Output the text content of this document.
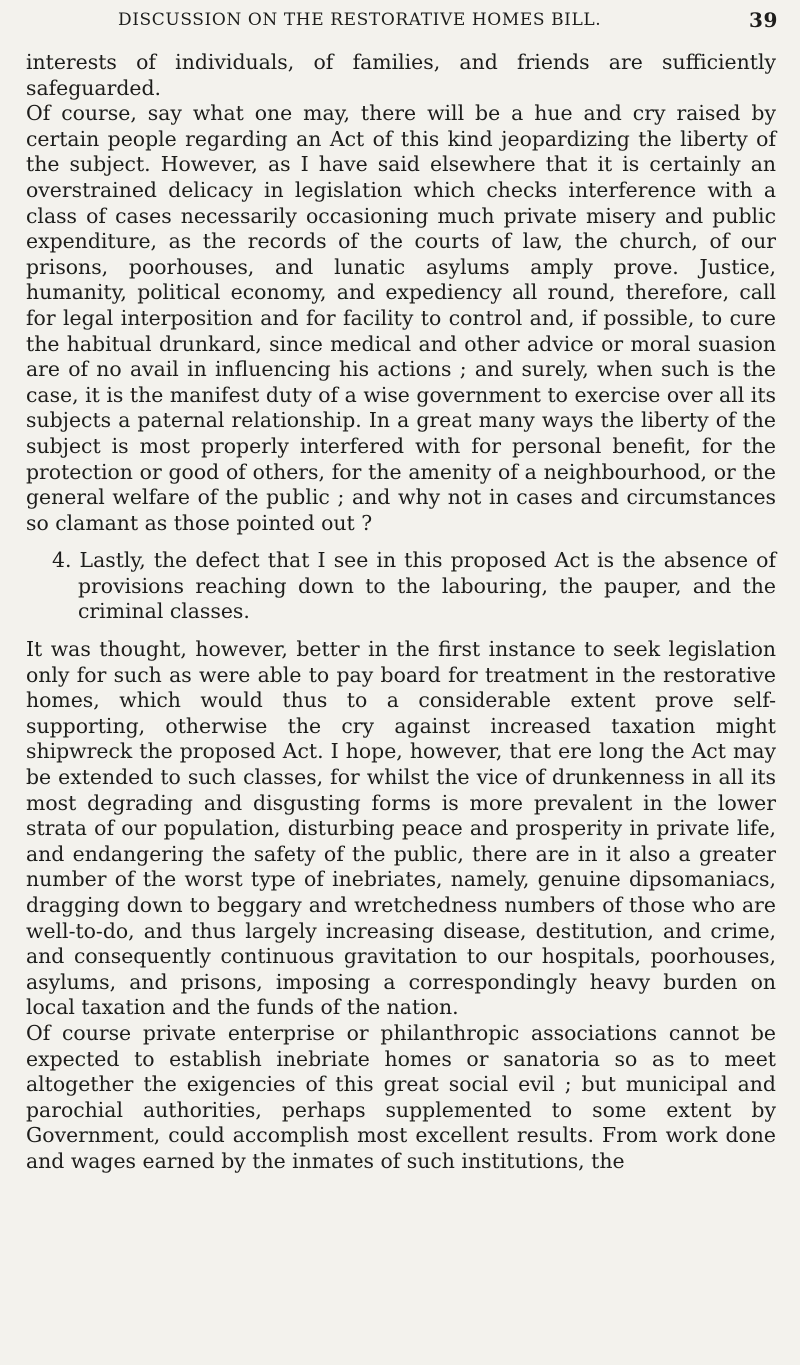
DISCUSSION ON THE RESTORATIVE HOMES BILL.	39

interests of individuals, of families, and friends are sufficiently safeguarded.

Of course, say what one may, there will be a hue and cry raised by certain people regarding an Act of this kind jeopardizing the liberty of the subject. However, as I have said elsewhere that it is certainly an overstrained delicacy in legislation which checks interference with a class of cases necessarily occasioning much private misery and public expenditure, as the records of the courts of law, the church, of our prisons, poorhouses, and lunatic asylums amply prove. Justice, humanity, political economy, and expediency all round, therefore, call for legal interposition and for facility to control and, if possible, to cure the habitual drunkard, since medical and other advice or moral suasion are of no avail in influencing his actions ; and surely, when such is the case, it is the manifest duty of a wise government to exercise over all its subjects a paternal relationship. In a great many ways the liberty of the subject is most properly interfered with for personal benefit, for the protection or good of others, for the amenity of a neighbourhood, or the general welfare of the public ; and why not in cases and circumstances so clamant as those pointed out ?

4. Lastly, the defect that I see in this proposed Act is the absence of provisions reaching down to the labouring, the pauper, and the criminal classes.

It was thought, however, better in the first instance to seek legislation only for such as were able to pay board for treatment in the restorative homes, which would thus to a considerable extent prove self-supporting, otherwise the cry against increased taxation might shipwreck the proposed Act. I hope, however, that ere long the Act may be extended to such classes, for whilst the vice of drunkenness in all its most degrading and disgusting forms is more prevalent in the lower strata of our population, disturbing peace and prosperity in private life, and endangering the safety of the public, there are in it also a greater number of the worst type of inebriates, namely, genuine dipsomaniacs, dragging down to beggary and wretchedness numbers of those who are well-to-do, and thus largely increasing disease, destitution, and crime, and consequently continuous gravitation to our hospitals, poorhouses, asylums, and prisons, imposing a correspondingly heavy burden on local taxation and the funds of the nation.

Of course private enterprise or philanthropic associations cannot be expected to establish inebriate homes or sanatoria so as to meet altogether the exigencies of this great social evil ; but municipal and parochial authorities, perhaps supplemented to some extent by Government, could accomplish most excellent results. From work done and wages earned by the inmates of such institutions, the
